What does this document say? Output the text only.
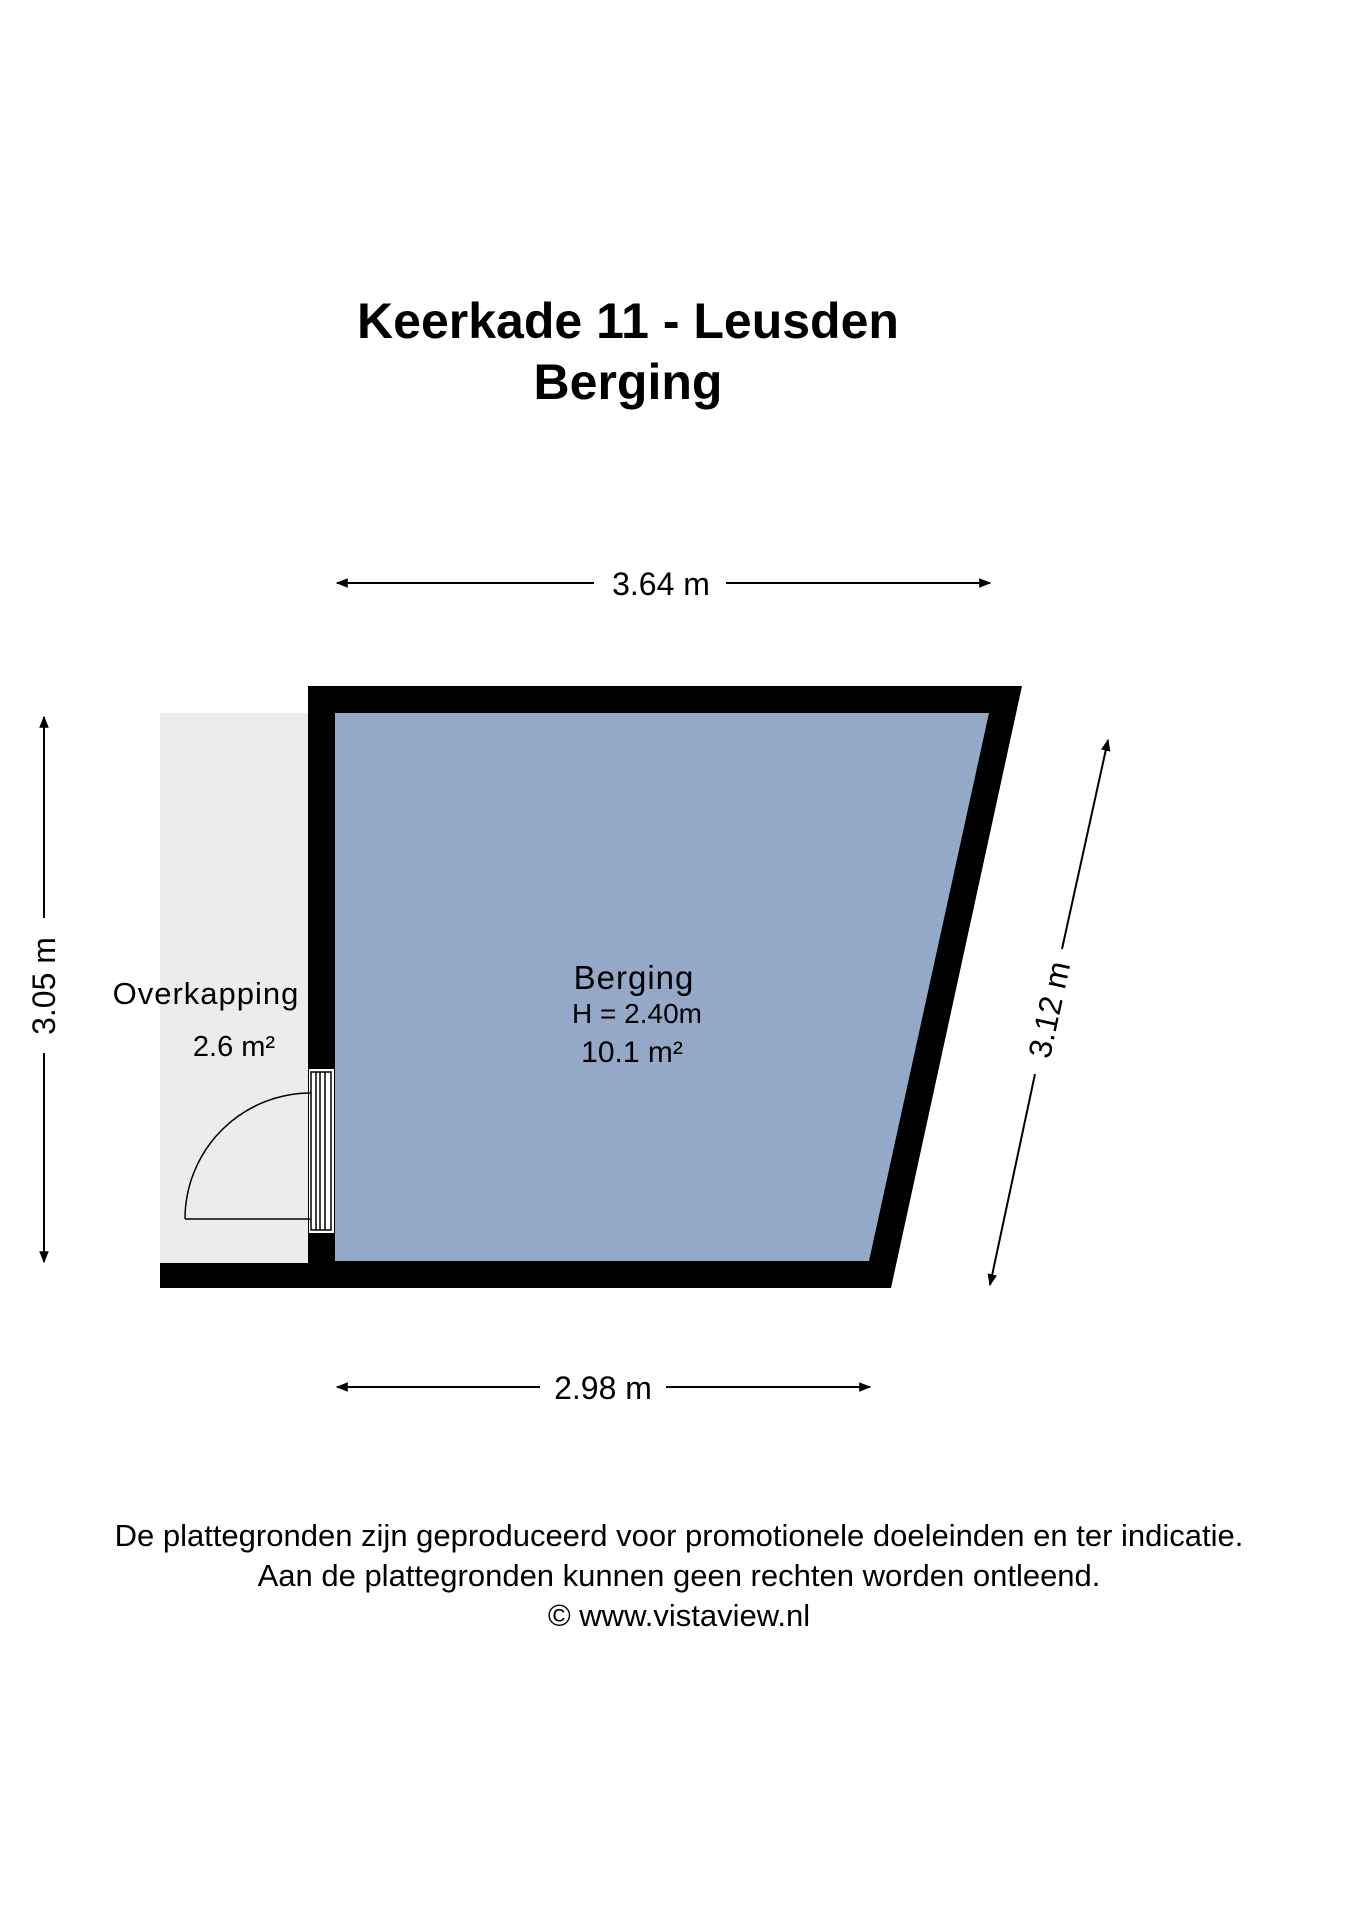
Keerkade 11 - Leusden
Berging
3.64 m
2.98 m
3.05 m	3.12 m
Berging
H = 2.40m
10.1 m²
Overkapping
2.6 m²

De plattegronden zijn geproduceerd voor promotionele doeleinden en ter indicatie.

Aan de plattegronden kunnen geen rechten worden ontleend.

© www.vistaview.nl
